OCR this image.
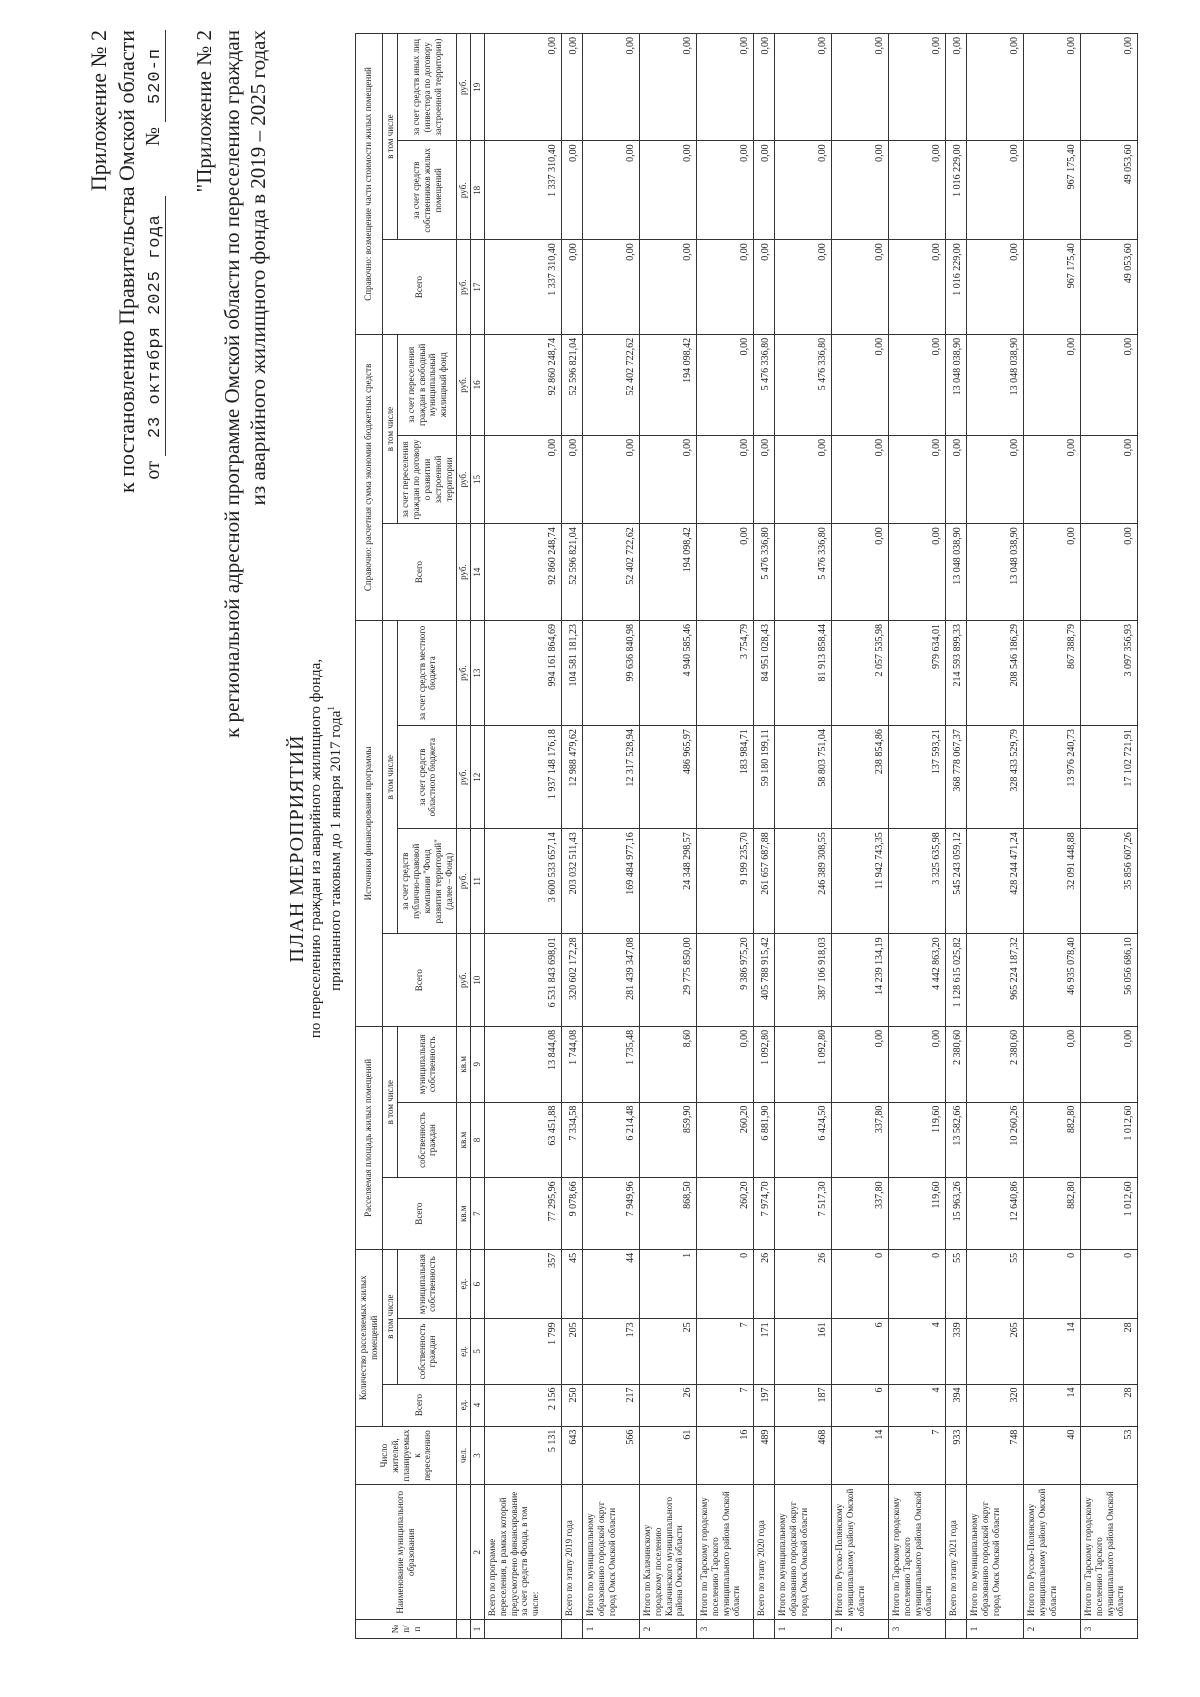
Приложение № 2 к постановлению Правительства Омской области от 23 октября 2025 года          № 520-п "Приложение № 2 к региональной адресной программе Омской области по переселению граждан из аварийного жилищного фонда в 2019 – 2025 годах
ПЛАН МЕРОПРИЯТИЙ по переселению граждан из аварийного жилищного фонда, признанного таковым до 1 января 2017 года$^1$
№ п/п	Наименование муниципального образования	Число жителей, планируемых к переселению	Количество расселяемых жилых помещений			Расселяемая площадь жилых помещений			Источники финансирования программы				Справочно: расчетная сумма экономии бюджетных средств			Справочно: возмещение части стоимости жилых помещений		
			Всего	в том числе		Всего	в том числе		Всего	в том числе			Всего	в том числе		Всего	в том числе	
				собственность граждан	муниципальная собственность		собственность граждан	муниципальная собственность		за счет средств публично-правовой компании "Фонд развития территорий" (далее – Фонд)	за счет средств областного бюджета	за счет средств местного бюджета		за счет переселения граждан по договору о развитии застроенной территории	за счет переселения граждан в свободный муниципальный жилищный фонд		за счет средств собственников жилых помещений	за счет средств иных лиц (инвестора по договору застроенной территории)
		чел.	ед.	ед.	ед.	кв.м	кв.м	кв.м	руб.	руб.	руб.	руб.	руб.	руб.	руб.	руб.	руб.	руб.
1	2	3	4	5	6	7	8	9	10	11	12	13	14	15	16	17	18	19
	Всего по программе переселения, в рамках которой предусмотрено финансирование за счет средств Фонда, в том числе:	5 131	2 156	1 799	357	77 295,96	63 451,88	13 844,08	6 531 843 698,01	3 600 533 657,14	1 937 148 176,18	994 161 864,69	92 860 248,74	0,00	92 860 248,74	1 337 310,40	1 337 310,40	0,00
	Всего по этапу 2019 года	643	250	205	45	9 078,66	7 334,58	1 744,08	320 602 172,28	203 032 511,43	12 988 479,62	104 581 181,23	52 596 821,04	0,00	52 596 821,04	0,00	0,00	0,00
1	Итого по муниципальному образованию городской округ город Омск Омской области	566	217	173	44	7 949,96	6 214,48	1 735,48	281 439 347,08	169 484 977,16	12 317 528,94	99 636 840,98	52 402 722,62	0,00	52 402 722,62	0,00	0,00	0,00
2	Итого по Калачинскому городскому поселению Калачинского муниципального района Омской области	61	26	25	1	868,50	859,90	8,60	29 775 850,00	24 348 298,57	486 965,97	4 940 585,46	194 098,42	0,00	194 098,42	0,00	0,00	0,00
3	Итого по Тарскому городскому поселению Тарского муниципального района Омской области	16	7	7	0	260,20	260,20	0,00	9 386 975,20	9 199 235,70	183 984,71	3 754,79	0,00	0,00	0,00	0,00	0,00	0,00
	Всего по этапу 2020 года	489	197	171	26	7 974,70	6 881,90	1 092,80	405 788 915,42	261 657 687,88	59 180 199,11	84 951 028,43	5 476 336,80	0,00	5 476 336,80	0,00	0,00	0,00
1	Итого по муниципальному образованию городской округ город Омск Омской области	468	187	161	26	7 517,30	6 424,50	1 092,80	387 106 918,03	246 389 308,55	58 803 751,04	81 913 858,44	5 476 336,80	0,00	5 476 336,80	0,00	0,00	0,00
2	Итого по Русско-Полянскому муниципальному району Омской области	14	6	6	0	337,80	337,80	0,00	14 239 134,19	11 942 743,35	238 854,86	2 057 535,98	0,00	0,00	0,00	0,00	0,00	0,00
3	Итого по Тарскому городскому поселению Тарского муниципального района Омской области	7	4	4	0	119,60	119,60	0,00	4 442 863,20	3 325 635,98	137 593,21	979 634,01	0,00	0,00	0,00	0,00	0,00	0,00
	Всего по этапу 2021 года	933	394	339	55	15 963,26	13 582,66	2 380,60	1 128 615 025,82	545 243 059,12	368 778 067,37	214 593 899,33	13 048 038,90	0,00	13 048 038,90	1 016 229,00	1 016 229,00	0,00
1	Итого по муниципальному образованию городской округ город Омск Омской области	748	320	265	55	12 640,86	10 260,26	2 380,60	965 224 187,32	428 244 471,24	328 433 529,79	208 546 186,29	13 048 038,90	0,00	13 048 038,90	0,00	0,00	0,00
2	Итого по Русско-Полянскому муниципальному району Омской области	40	14	14	0	882,80	882,80	0,00	46 935 078,40	32 091 448,88	13 976 240,73	867 388,79	0,00	0,00	0,00	967 175,40	967 175,40	0,00
3	Итого по Тарскому городскому поселению Тарского муниципального района Омской области	53	28	28	0	1 012,60	1 012,60	0,00	56 056 686,10	35 856 607,26	17 102 721,91	3 097 356,93	0,00	0,00	0,00	49 053,60	49 053,60	0,00
